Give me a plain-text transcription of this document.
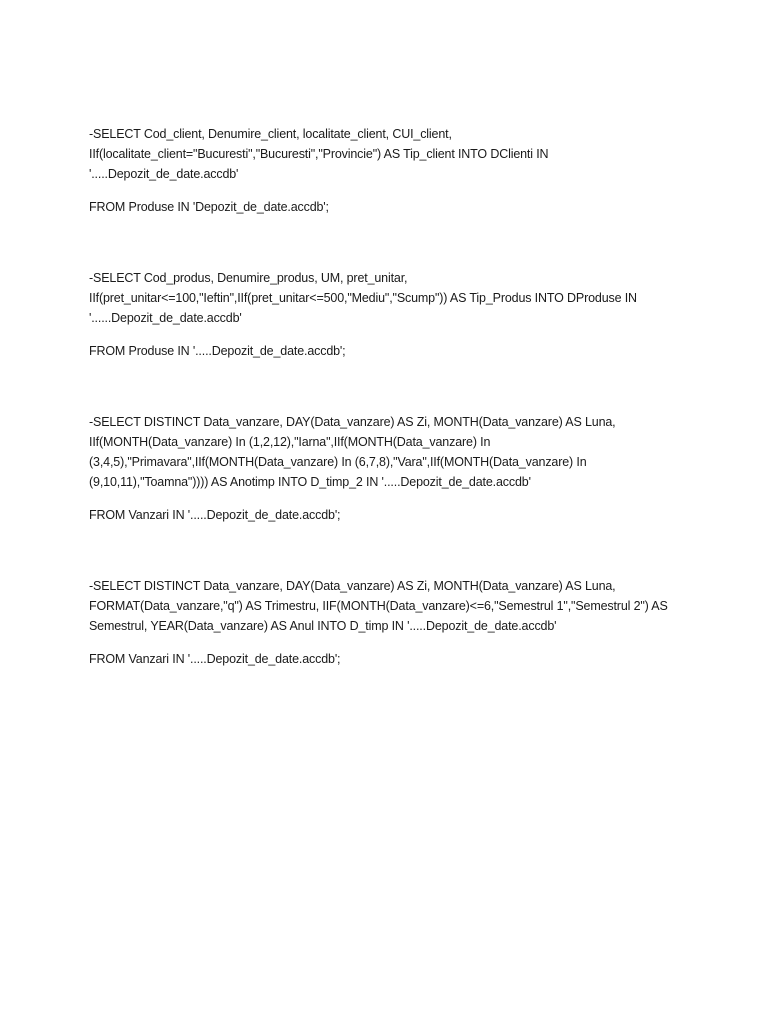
-SELECT Cod_client, Denumire_client, localitate_client, CUI_client,
IIf(localitate_client="Bucuresti","Bucuresti","Provincie") AS Tip_client INTO DClienti IN
'.....Depozit_de_date.accdb'
FROM Produse IN 'Depozit_de_date.accdb';
-SELECT Cod_produs, Denumire_produs, UM, pret_unitar,
IIf(pret_unitar<=100,"Ieftin",IIf(pret_unitar<=500,"Mediu","Scump")) AS Tip_Produs INTO DProduse IN
'......Depozit_de_date.accdb'
FROM Produse IN '.....Depozit_de_date.accdb';
-SELECT DISTINCT Data_vanzare, DAY(Data_vanzare) AS Zi, MONTH(Data_vanzare) AS Luna,
IIf(MONTH(Data_vanzare) In (1,2,12),"Iarna",IIf(MONTH(Data_vanzare) In
(3,4,5),"Primavara",IIf(MONTH(Data_vanzare) In (6,7,8),"Vara",IIf(MONTH(Data_vanzare) In
(9,10,11),"Toamna")))) AS Anotimp INTO D_timp_2 IN '.....Depozit_de_date.accdb'
FROM Vanzari IN '.....Depozit_de_date.accdb';
-SELECT DISTINCT Data_vanzare, DAY(Data_vanzare) AS Zi, MONTH(Data_vanzare) AS Luna,
FORMAT(Data_vanzare,"q") AS Trimestru, IIF(MONTH(Data_vanzare)<=6,"Semestrul 1","Semestrul 2") AS
Semestrul, YEAR(Data_vanzare) AS Anul INTO D_timp IN '.....Depozit_de_date.accdb'
FROM Vanzari IN '.....Depozit_de_date.accdb';
